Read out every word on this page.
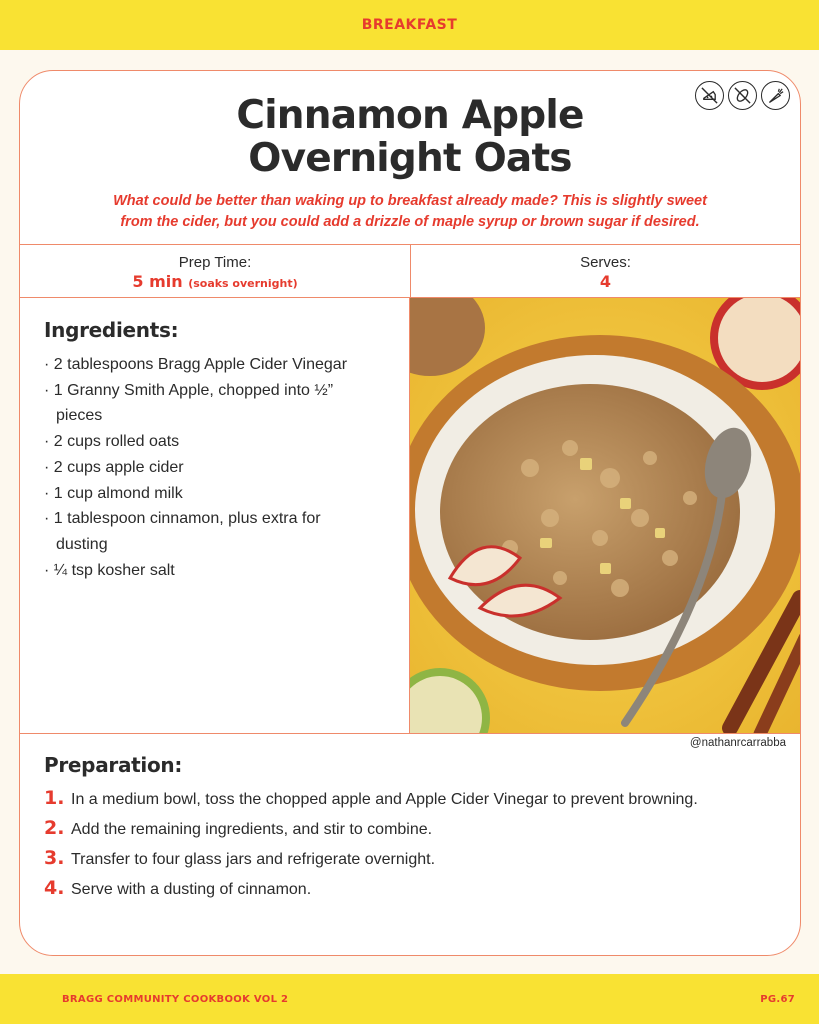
BREAKFAST
Cinnamon Apple
Overnight Oats

What could be better than waking up to breakfast already made? This is slightly sweet
from the cider, but you could add a drizzle of maple syrup or brown sugar if desired.

Prep Time:
5 min (soaks overnight)
Serves:
4
Ingredients:
· 2 tablespoons Bragg Apple Cider Vinegar
· 1 Granny Smith Apple, chopped into ½” pieces
· 2 cups rolled oats
· 2 cups apple cider
· 1 cup almond milk
· 1 tablespoon cinnamon, plus extra for dusting
· ¼ tsp kosher salt
@nathanrcarrabba
Preparation:
1. In a medium bowl, toss the chopped apple and Apple Cider Vinegar to prevent browning.
2. Add the remaining ingredients, and stir to combine.
3. Transfer to four glass jars and refrigerate overnight.
4. Serve with a dusting of cinnamon.
BRAGG COMMUNITY COOKBOOK VOL 2	PG.67
